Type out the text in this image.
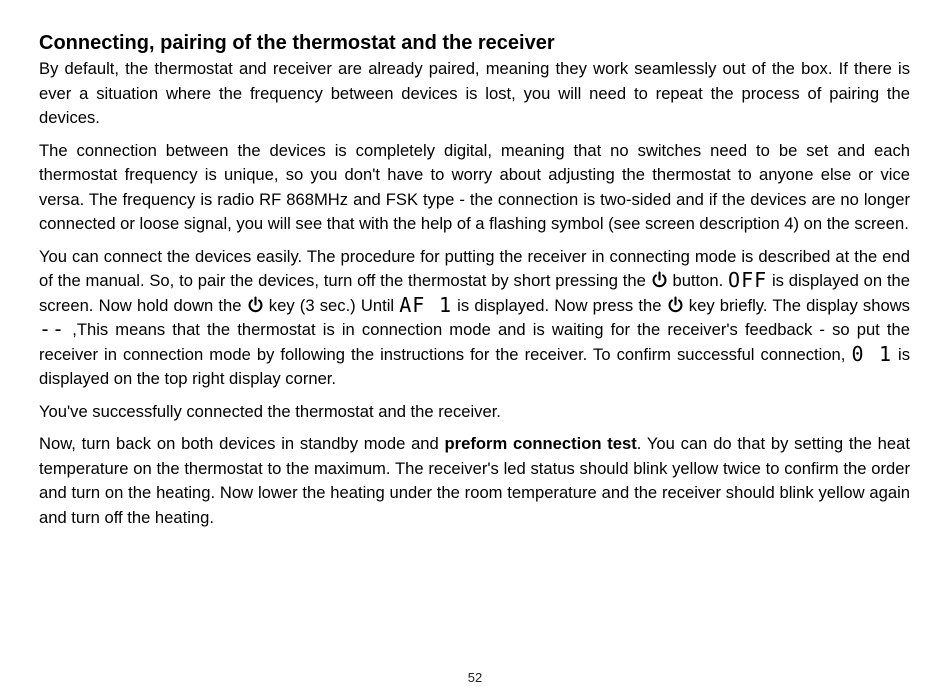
Connecting, pairing of the thermostat and the receiver

By default, the thermostat and receiver are already paired, meaning they work seamlessly out of the box. If there is ever a situation where the frequency between devices is lost, you will need to repeat the process of pairing the devices.

The connection between the devices is completely digital, meaning that no switches need to be set and each thermostat frequency is unique, so you don't have to worry about adjusting the thermostat to anyone else or vice versa. The frequency is radio RF 868MHz and FSK type - the connection is two-sided and if the devices are no longer connected or loose signal, you will see that with the help of a flashing symbol (see screen description 4) on the screen.

You can connect the devices easily. The procedure for putting the receiver in connecting mode is described at the end of the manual. So, to pair the devices, turn off the thermostat by short pressing the
button. OFF is displayed on the screen. Now hold down the
key (3 sec.) Until AF 1 is displayed. Now press the
key briefly. The display shows -- ,This means that the thermostat is in connection mode and is waiting for the receiver's feedback - so put the receiver in connection mode by following the instructions for the receiver. To confirm successful connection, 0 1 is displayed on the top right display corner.

You've successfully connected the thermostat and the receiver.

Now, turn back on both devices in standby mode and preform connection test. You can do that by setting the heat temperature on the thermostat to the maximum. The receiver's led status should blink yellow twice to confirm the order and turn on the heating. Now lower the heating under the room temperature and the receiver should blink yellow again and turn off the heating.

52
